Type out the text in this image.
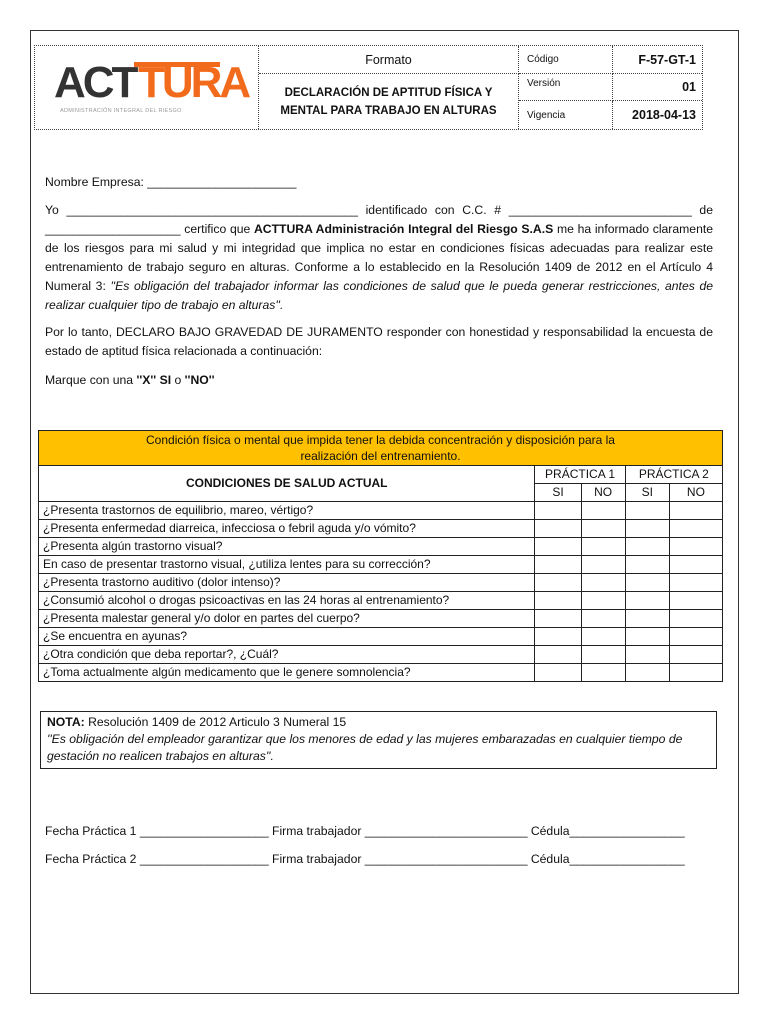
Formato
DECLARACIÓN DE APTITUD FÍSICA Y
MENTAL PARA TRABAJO EN ALTURAS
Código	F-57-GT-1
Versión	01
Vigencia	2018-04-13
ACT TURA
ADMINISTRACIÓN INTEGRAL DEL RIESGO
Nombre Empresa: ______________________
Yo ___________________________________________ identificado con C.C. # ___________________________ de
____________________ certifico que ACTTURA Administración Integral del Riesgo S.A.S me ha informado claramente
de los riesgos para mi salud y mi integridad que implica no estar en condiciones físicas adecuadas para realizar este
entrenamiento de trabajo seguro en alturas. Conforme a lo establecido en la Resolución 1409 de 2012 en el Artículo 4
Numeral 3: ''Es obligación del trabajador informar las condiciones de salud que le pueda generar restricciones, antes de
realizar cualquier tipo de trabajo en alturas''.
Por lo tanto, DECLARO BAJO GRAVEDAD DE JURAMENTO responder con honestidad y responsabilidad la encuesta de
estado de aptitud física relacionada a continuación:
Marque con una ''X'' SI o ''NO''
Condición física o mental que impida tener la debida concentración y disposición para la realización del entrenamiento.				
CONDICIONES DE SALUD ACTUAL	PRÁCTICA 1		PRÁCTICA 2	
	SI	NO	SI	NO
¿Presenta trastornos de equilibrio, mareo, vértigo?				
¿Presenta enfermedad diarreica, infecciosa o febril aguda y/o vómito?				
¿Presenta algún trastorno visual?				
En caso de presentar trastorno visual, ¿utiliza lentes para su corrección?				
¿Presenta trastorno auditivo (dolor intenso)?				
¿Consumió alcohol o drogas psicoactivas en las 24 horas al entrenamiento?				
¿Presenta malestar general y/o dolor en partes del cuerpo?				
¿Se encuentra en ayunas?				
¿Otra condición que deba reportar?, ¿Cuál?				
¿Toma actualmente algún medicamento que le genere somnolencia?				
NOTA: Resolución 1409 de 2012 Articulo 3 Numeral 15
''Es obligación del empleador garantizar que los menores de edad y las mujeres embarazadas en cualquier tiempo de gestación no realicen trabajos en alturas''.
Fecha Práctica 1 ___________________ Firma trabajador ________________________ Cédula_________________
Fecha Práctica 2 ___________________ Firma trabajador ________________________ Cédula_________________
